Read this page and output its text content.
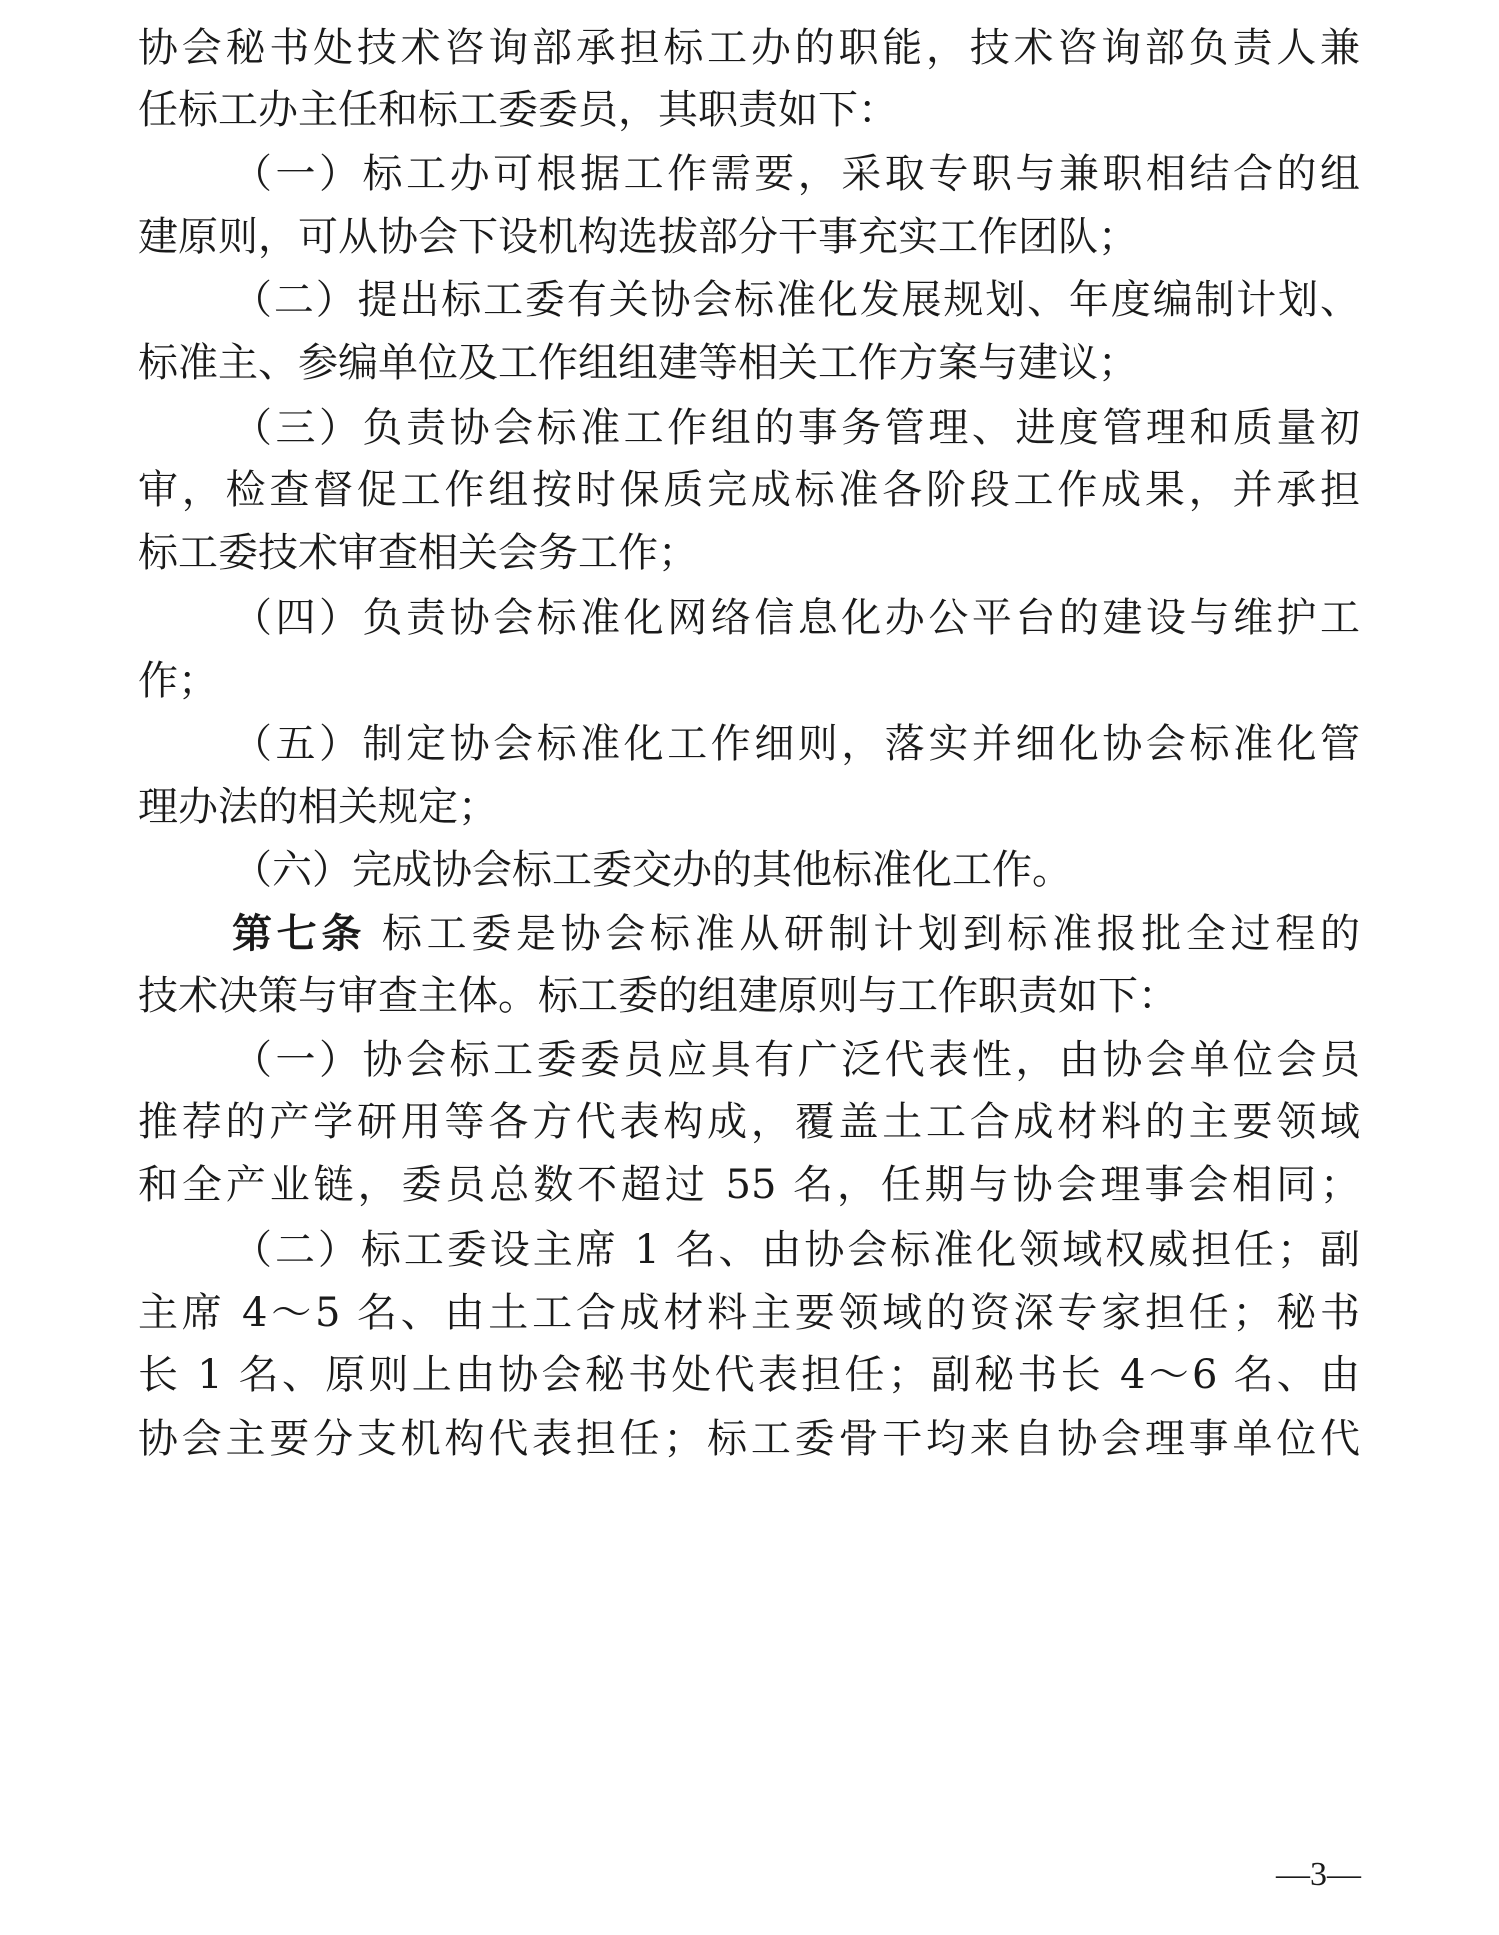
协会秘书处技术咨询部承担标工办的职能，技术咨询部负责人兼
任标工办主任和标工委委员，其职责如下：
（一）标工办可根据工作需要，采取专职与兼职相结合的组
建原则，可从协会下设机构选拔部分干事充实工作团队；
（二）提出标工委有关协会标准化发展规划、年度编制计划、
标准主、参编单位及工作组组建等相关工作方案与建议；
（三）负责协会标准工作组的事务管理、进度管理和质量初
审，检查督促工作组按时保质完成标准各阶段工作成果，并承担
标工委技术审查相关会务工作；
（四）负责协会标准化网络信息化办公平台的建设与维护工
作；
（五）制定协会标准化工作细则，落实并细化协会标准化管
理办法的相关规定；
（六）完成协会标工委交办的其他标准化工作。
第七条 标工委是协会标准从研制计划到标准报批全过程的
技术决策与审查主体。标工委的组建原则与工作职责如下：
（一）协会标工委委员应具有广泛代表性，由协会单位会员
推荐的产学研用等各方代表构成，覆盖土工合成材料的主要领域
和全产业链，委员总数不超过 55 名，任期与协会理事会相同；
（二）标工委设主席 1 名、由协会标准化领域权威担任；副
主席 4～5 名、由土工合成材料主要领域的资深专家担任；秘书
长 1 名、原则上由协会秘书处代表担任；副秘书长 4～6 名、由
协会主要分支机构代表担任；标工委骨干均来自协会理事单位代
—3—
